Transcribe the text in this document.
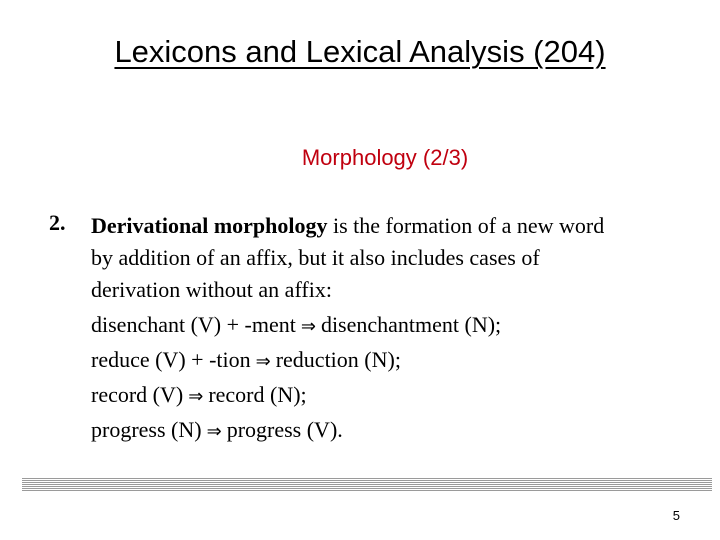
Lexicons and Lexical Analysis (204)
Morphology (2/3)
2. Derivational morphology is the formation of a new word
by addition of an affix, but it also includes cases of
derivation without an affix:
disenchant (V) + -ment ⇒ disenchantment (N);
reduce (V) + -tion ⇒ reduction (N);
record (V) ⇒ record (N);
progress (N) ⇒ progress (V).
5
